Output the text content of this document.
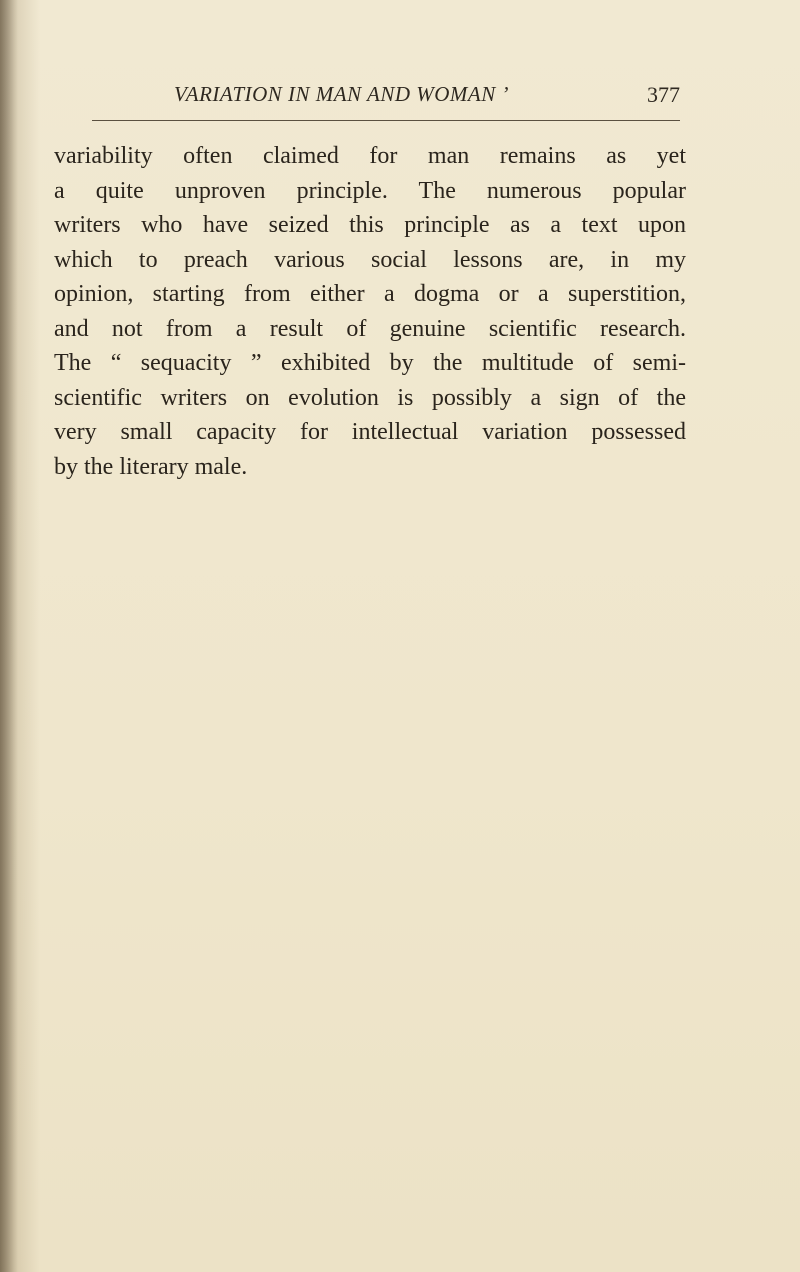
VARIATION IN MAN AND WOMAN ʼ	377
variability often claimed for man remains as yet
a quite unproven principle. The numerous popular
writers who have seized this principle as a text upon
which to preach various social lessons are, in my
opinion, starting from either a dogma or a superstition,
and not from a result of genuine scientific research.
The “ sequacity ” exhibited by the multitude of semi-
scientific writers on evolution is possibly a sign of the
very small capacity for intellectual variation possessed
by the literary male.
